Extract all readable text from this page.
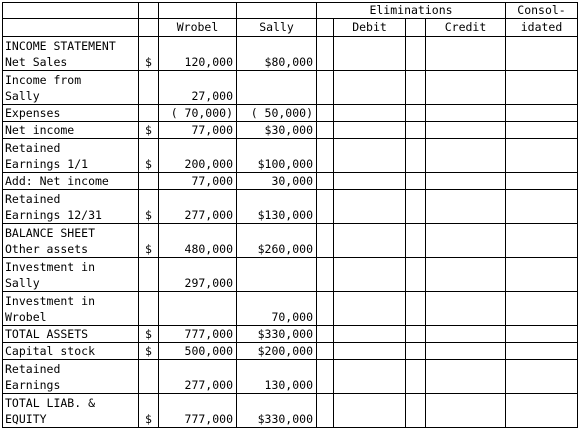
				Eliminations				Consol-
		Wrobel	Sally		Debit		Credit	idated

INCOME STATEMENT
Net Sales	$	120,000	$80,000					

Income from
Sally		27,000						

Expenses		( 70,000)	( 50,000)					

Net income	$	77,000	$30,000					

Retained
Earnings 1/1	$	200,000	$100,000					

Add: Net income		77,000	30,000					

Retained
Earnings 12/31	$	277,000	$130,000					

BALANCE SHEET
Other assets	$	480,000	$260,000					

Investment in
Sally		297,000						

Investment in
Wrobel			70,000					

TOTAL ASSETS	$	777,000	$330,000					

Capital stock	$	500,000	$200,000					

Retained
Earnings		277,000	130,000					

TOTAL LIAB. &
EQUITY	$	777,000	$330,000					
